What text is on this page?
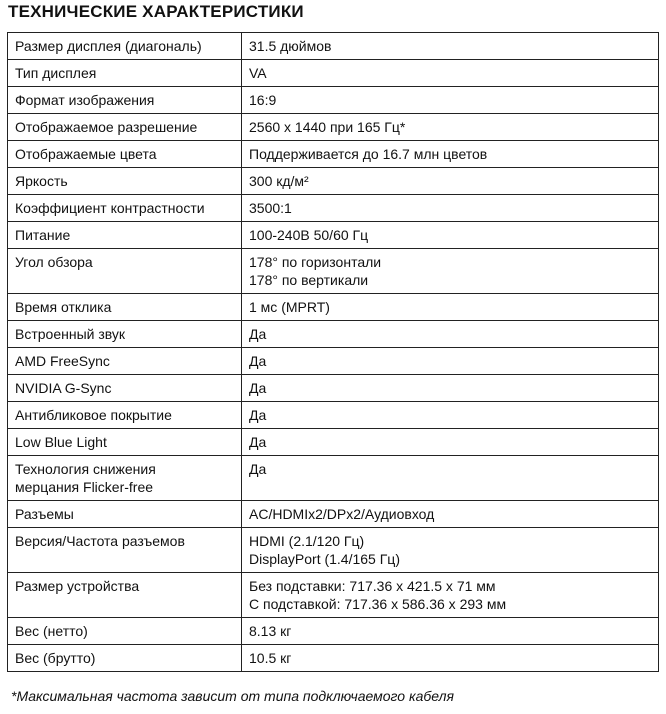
ТЕХНИЧЕСКИЕ ХАРАКТЕРИСТИКИ
Размер дисплея (диагональ)	31.5 дюймов

Тип дисплея	VA

Формат изображения	16:9

Отображаемое разрешение	2560 x 1440 при 165 Гц*

Отображаемые цвета	Поддерживается до 16.7 млн цветов

Яркость	300 кд/м²

Коэффициент контрастности	3500:1

Питание	100-240В 50/60 Гц

Угол обзора	178° по горизонтали
178° по вертикали

Время отклика	1 мс (MPRT)

Встроенный звук	Да

AMD FreeSync	Да

NVIDIA G-Sync	Да

Антибликовое покрытие	Да

Low Blue Light	Да

Технология снижения
мерцания Flicker-free	Да

Разъемы	AC/HDMIx2/DPx2/Аудиовход

Версия/Частота разъемов	HDMI (2.1/120 Гц)
DisplayPort (1.4/165 Гц)

Размер устройства	Без подставки: 717.36 x 421.5 x 71 мм
С подставкой: 717.36 x 586.36 x 293 мм

Вес (нетто)	8.13 кг

Вес (брутто)	10.5 кг
*Максимальная частота зависит от типа подключаемого кабеля
